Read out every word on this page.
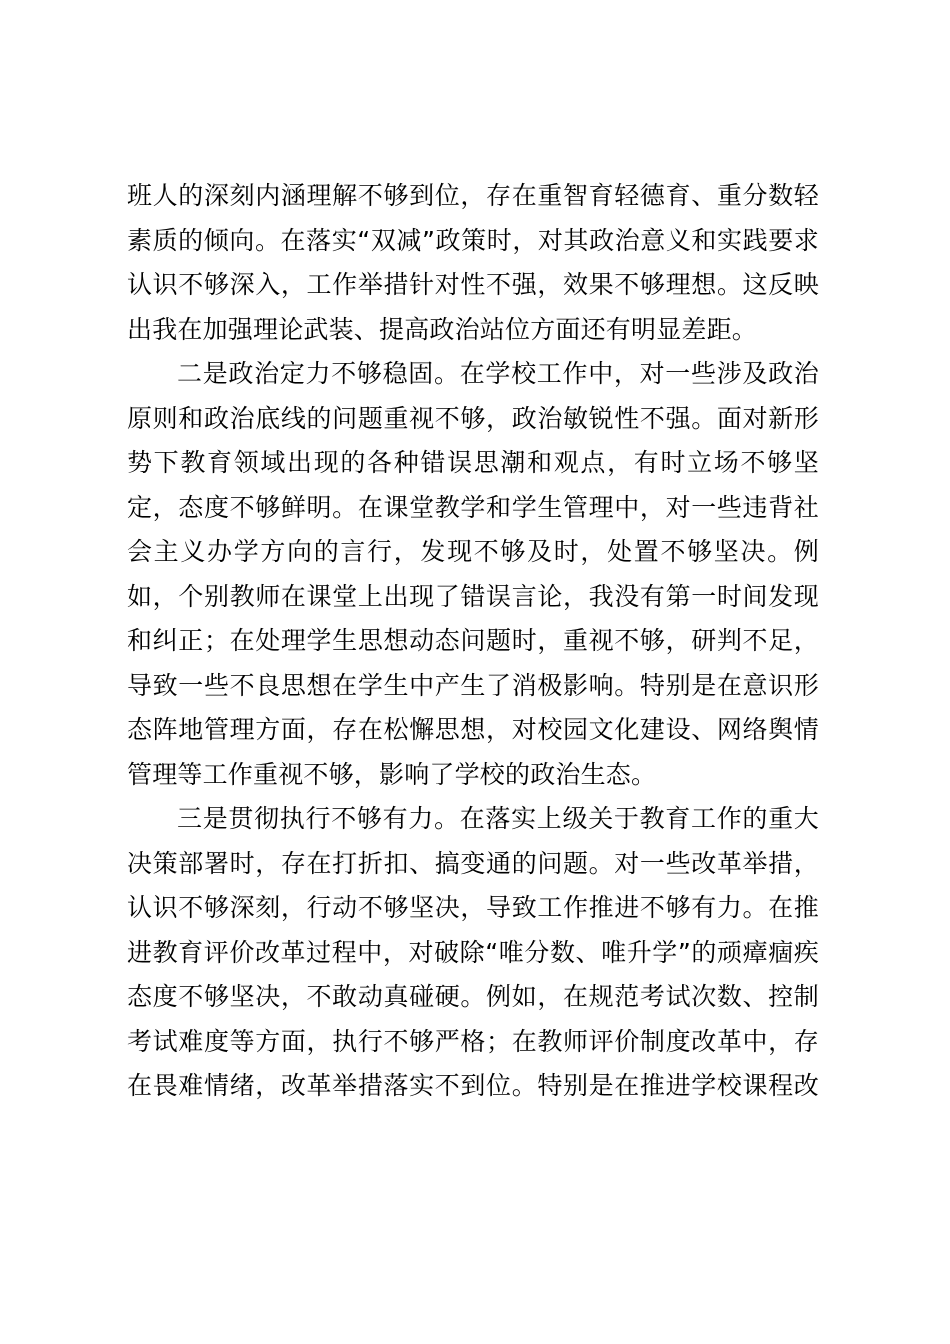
班人的深刻内涵理解不够到位，存在重智育轻德育、重分数轻
素质的倾向。在落实“双减”政策时，对其政治意义和实践要求
认识不够深入，工作举措针对性不强，效果不够理想。这反映
出我在加强理论武装、提高政治站位方面还有明显差距。
二是政治定力不够稳固。在学校工作中，对一些涉及政治
原则和政治底线的问题重视不够，政治敏锐性不强。面对新形
势下教育领域出现的各种错误思潮和观点，有时立场不够坚
定，态度不够鲜明。在课堂教学和学生管理中，对一些违背社
会主义办学方向的言行，发现不够及时，处置不够坚决。例
如，个别教师在课堂上出现了错误言论，我没有第一时间发现
和纠正；在处理学生思想动态问题时，重视不够，研判不足，
导致一些不良思想在学生中产生了消极影响。特别是在意识形
态阵地管理方面，存在松懈思想，对校园文化建设、网络舆情
管理等工作重视不够，影响了学校的政治生态。
三是贯彻执行不够有力。在落实上级关于教育工作的重大
决策部署时，存在打折扣、搞变通的问题。对一些改革举措，
认识不够深刻，行动不够坚决，导致工作推进不够有力。在推
进教育评价改革过程中，对破除“唯分数、唯升学”的顽瘴痼疾
态度不够坚决，不敢动真碰硬。例如，在规范考试次数、控制
考试难度等方面，执行不够严格；在教师评价制度改革中，存
在畏难情绪，改革举措落实不到位。特别是在推进学校课程改
